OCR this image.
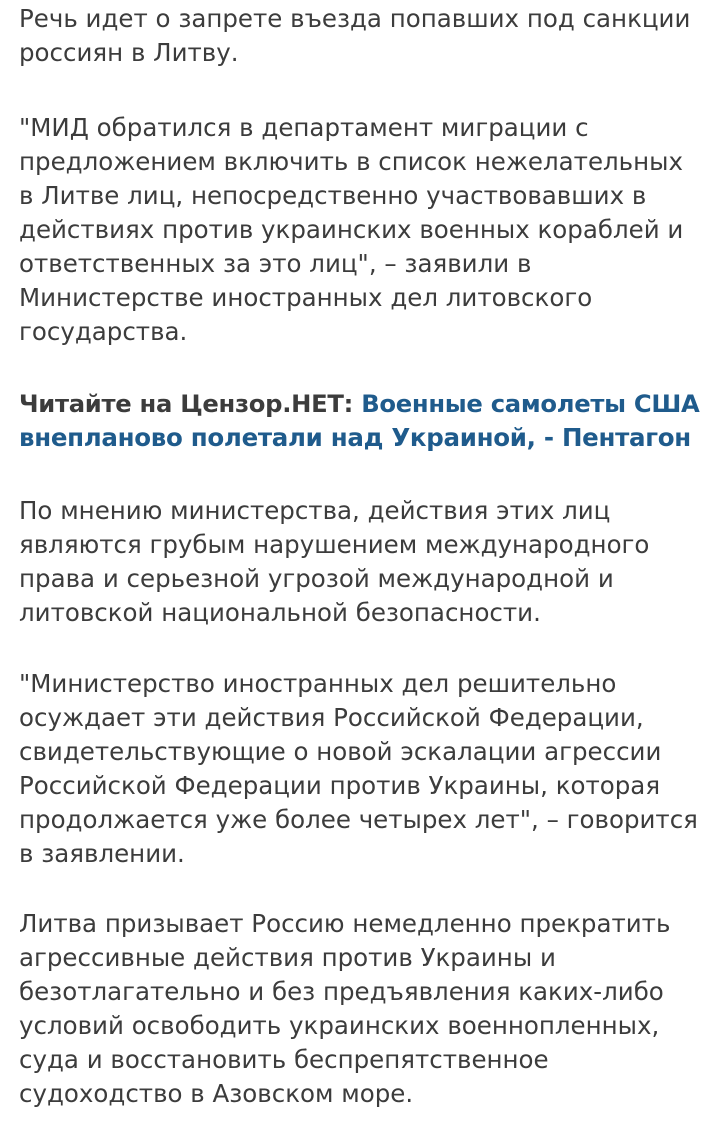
Речь идет о запрете въезда попавших под санкции
россиян в Литву.

"МИД обратился в департамент миграции с
предложением включить в список нежелательных
в Литве лиц, непосредственно участвовавших в
действиях против украинских военных кораблей и
ответственных за это лиц", – заявили в
Министерстве иностранных дел литовского
государства.

Читайте на Цензор.НЕТ: Военные самолеты США
внепланово полетали над Украиной, - Пентагон

По мнению министерства, действия этих лиц
являются грубым нарушением международного
права и серьезной угрозой международной и
литовской национальной безопасности.

"Министерство иностранных дел решительно
осуждает эти действия Российской Федерации,
свидетельствующие о новой эскалации агрессии
Российской Федерации против Украины, которая
продолжается уже более четырех лет", – говорится
в заявлении.

Литва призывает Россию немедленно прекратить
агрессивные действия против Украины и
безотлагательно и без предъявления каких-либо
условий освободить украинских военнопленных,
суда и восстановить беспрепятственное
судоходство в Азовском море.
